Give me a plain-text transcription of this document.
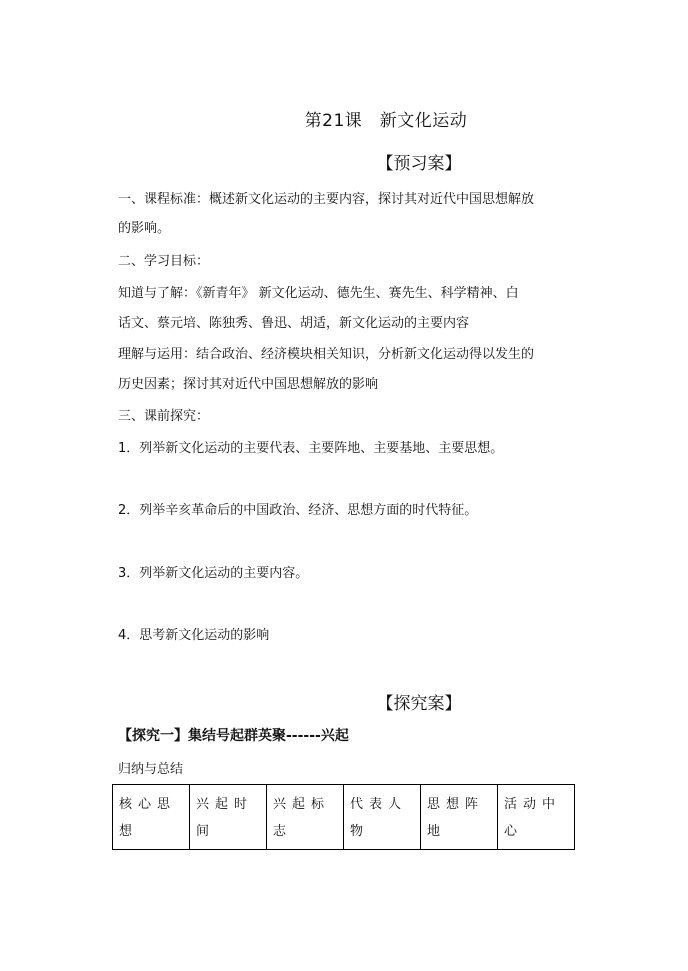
第21课　新文化运动
【预习案】
一、课程标准：概述新文化运动的主要内容，探讨其对近代中国思想解放
的影响。
二、学习目标：
知道与了解：《新青年》 新文化运动、德先生、赛先生、科学精神、白
话文、蔡元培、陈独秀、鲁迅、胡适，新文化运动的主要内容
理解与运用：结合政治、经济模块相关知识，分析新文化运动得以发生的
历史因素；探讨其对近代中国思想解放的影响
三、课前探究：
1．列举新文化运动的主要代表、主要阵地、主要基地、主要思想。
2．列举辛亥革命后的中国政治、经济、思想方面的时代特征。
3．列举新文化运动的主要内容。
4．思考新文化运动的影响
【探究案】
【探究一】集结号起群英聚------兴起
归纳与总结
核心思想	兴起时间	兴起标志	代表人物	思想阵地	活动中心
